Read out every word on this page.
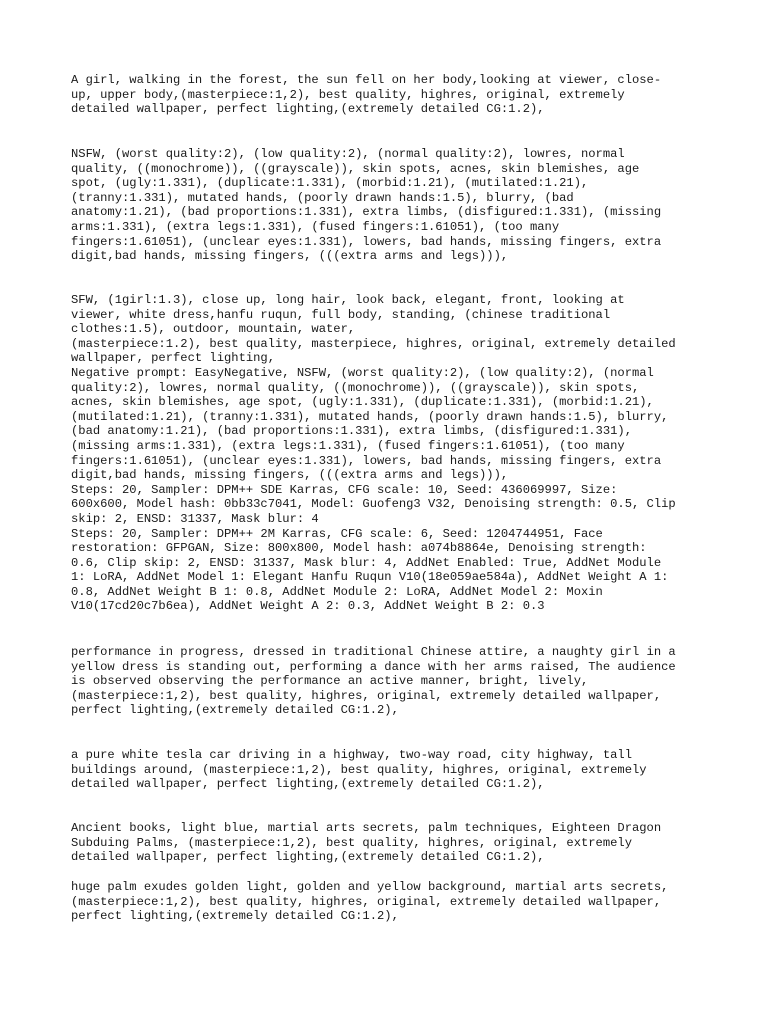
A girl, walking in the forest, the sun fell on her body,looking at viewer, close-
up, upper body,(masterpiece:1,2), best quality, highres, original, extremely
detailed wallpaper, perfect lighting,(extremely detailed CG:1.2),

NSFW, (worst quality:2), (low quality:2), (normal quality:2), lowres, normal
quality, ((monochrome)), ((grayscale)), skin spots, acnes, skin blemishes, age
spot, (ugly:1.331), (duplicate:1.331), (morbid:1.21), (mutilated:1.21),
(tranny:1.331), mutated hands, (poorly drawn hands:1.5), blurry, (bad
anatomy:1.21), (bad proportions:1.331), extra limbs, (disfigured:1.331), (missing
arms:1.331), (extra legs:1.331), (fused fingers:1.61051), (too many
fingers:1.61051), (unclear eyes:1.331), lowers, bad hands, missing fingers, extra
digit,bad hands, missing fingers, (((extra arms and legs))),

SFW, (1girl:1.3), close up, long hair, look back, elegant, front, looking at
viewer, white dress,hanfu ruqun, full body, standing, (chinese traditional
clothes:1.5), outdoor, mountain, water,
(masterpiece:1.2), best quality, masterpiece, highres, original, extremely detailed
wallpaper, perfect lighting,
Negative prompt: EasyNegative, NSFW, (worst quality:2), (low quality:2), (normal
quality:2), lowres, normal quality, ((monochrome)), ((grayscale)), skin spots,
acnes, skin blemishes, age spot, (ugly:1.331), (duplicate:1.331), (morbid:1.21),
(mutilated:1.21), (tranny:1.331), mutated hands, (poorly drawn hands:1.5), blurry,
(bad anatomy:1.21), (bad proportions:1.331), extra limbs, (disfigured:1.331),
(missing arms:1.331), (extra legs:1.331), (fused fingers:1.61051), (too many
fingers:1.61051), (unclear eyes:1.331), lowers, bad hands, missing fingers, extra
digit,bad hands, missing fingers, (((extra arms and legs))),
Steps: 20, Sampler: DPM++ SDE Karras, CFG scale: 10, Seed: 436069997, Size:
600x600, Model hash: 0bb33c7041, Model: Guofeng3 V32, Denoising strength: 0.5, Clip
skip: 2, ENSD: 31337, Mask blur: 4
Steps: 20, Sampler: DPM++ 2M Karras, CFG scale: 6, Seed: 1204744951, Face
restoration: GFPGAN, Size: 800x800, Model hash: a074b8864e, Denoising strength:
0.6, Clip skip: 2, ENSD: 31337, Mask blur: 4, AddNet Enabled: True, AddNet Module
1: LoRA, AddNet Model 1: Elegant Hanfu Ruqun V10(18e059ae584a), AddNet Weight A 1:
0.8, AddNet Weight B 1: 0.8, AddNet Module 2: LoRA, AddNet Model 2: Moxin
V10(17cd20c7b6ea), AddNet Weight A 2: 0.3, AddNet Weight B 2: 0.3

performance in progress, dressed in traditional Chinese attire, a naughty girl in a
yellow dress is standing out, performing a dance with her arms raised, The audience
is observed observing the performance an active manner, bright, lively,
(masterpiece:1,2), best quality, highres, original, extremely detailed wallpaper,
perfect lighting,(extremely detailed CG:1.2),

a pure white tesla car driving in a highway, two-way road, city highway, tall
buildings around, (masterpiece:1,2), best quality, highres, original, extremely
detailed wallpaper, perfect lighting,(extremely detailed CG:1.2),

Ancient books, light blue, martial arts secrets, palm techniques, Eighteen Dragon
Subduing Palms, (masterpiece:1,2), best quality, highres, original, extremely
detailed wallpaper, perfect lighting,(extremely detailed CG:1.2),

huge palm exudes golden light, golden and yellow background, martial arts secrets,
(masterpiece:1,2), best quality, highres, original, extremely detailed wallpaper,
perfect lighting,(extremely detailed CG:1.2),
